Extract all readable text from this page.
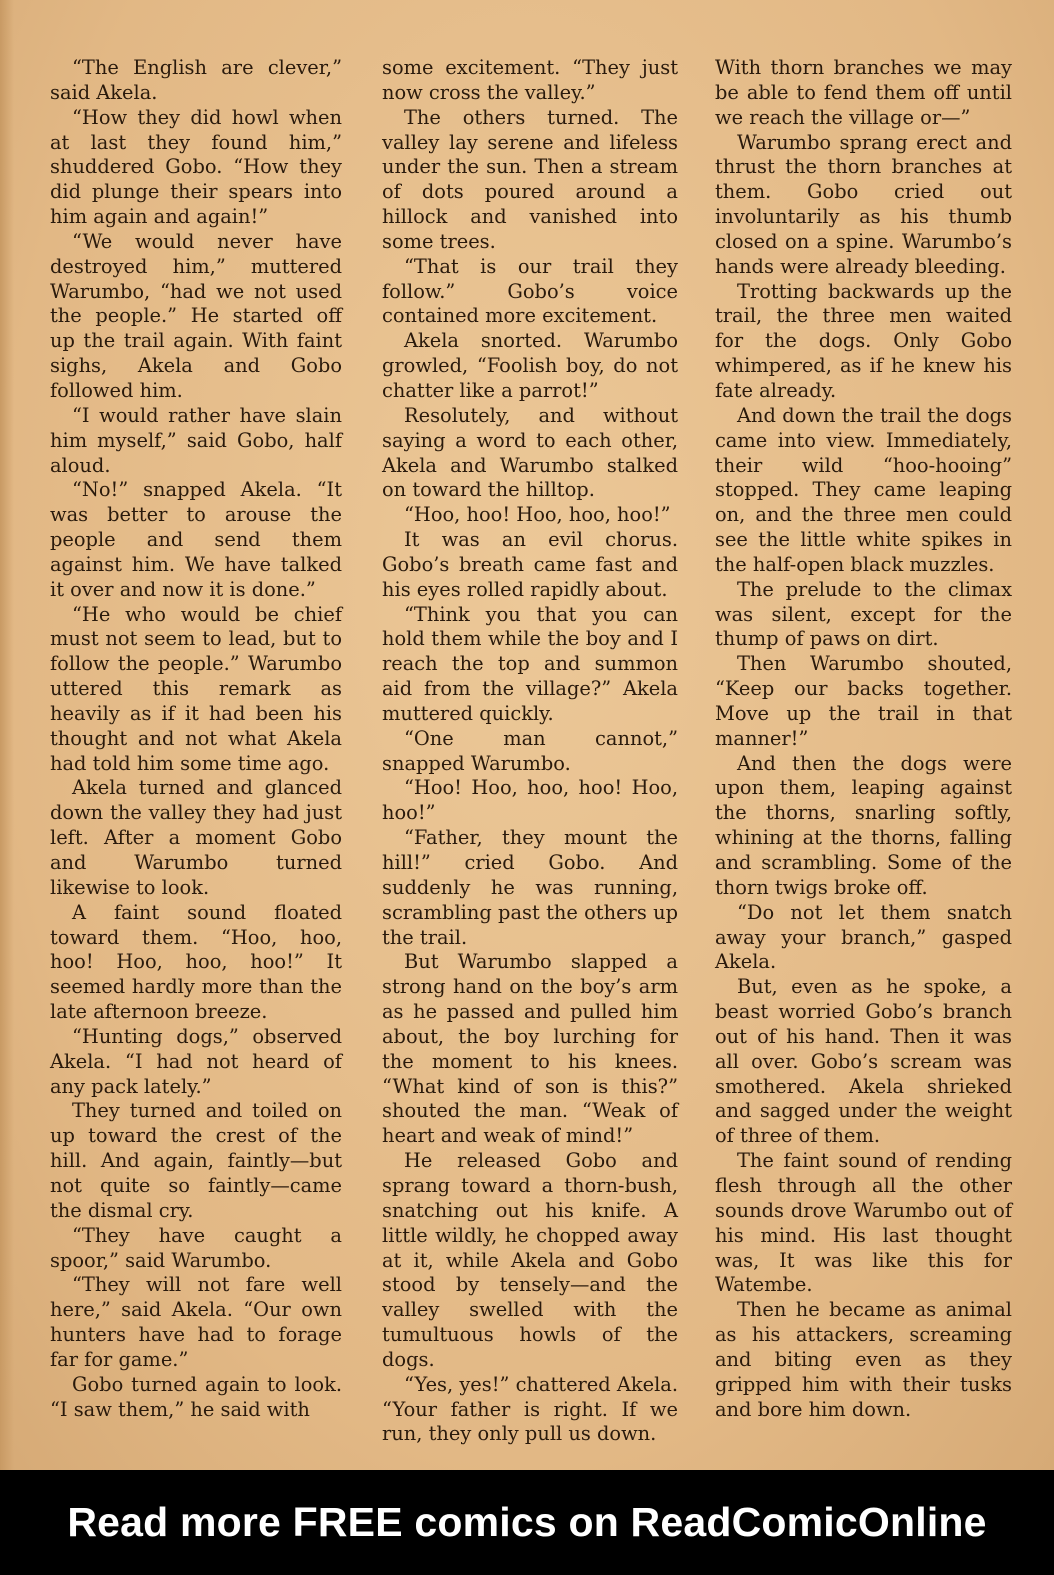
“The English are clever,” said Akela.

“How they did howl when at last they found him,” shuddered Gobo. “How they did plunge their spears into him again and again!”

“We would never have destroyed him,” muttered Warumbo, “had we not used the people.” He started off up the trail again. With faint sighs, Akela and Gobo followed him.

“I would rather have slain him myself,” said Gobo, half aloud.

“No!” snapped Akela. “It was better to arouse the people and send them against him. We have talked it over and now it is done.”

“He who would be chief must not seem to lead, but to follow the people.” Warumbo uttered this remark as heavily as if it had been his thought and not what Akela had told him some time ago.

Akela turned and glanced down the valley they had just left. After a moment Gobo and Warumbo turned likewise to look.

A faint sound floated toward them. “Hoo, hoo, hoo! Hoo, hoo, hoo!” It seemed hardly more than the late afternoon breeze.

“Hunting dogs,” observed Akela. “I had not heard of any pack lately.”

They turned and toiled on up toward the crest of the hill. And again, faintly—but not quite so faintly—came the dismal cry.

“They have caught a spoor,” said Warumbo.

“They will not fare well here,” said Akela. “Our own hunters have had to forage far for game.”

Gobo turned again to look. “I saw them,” he said with

some excitement. “They just now cross the valley.”

The others turned. The valley lay serene and lifeless under the sun. Then a stream of dots poured around a hillock and vanished into some trees.

“That is our trail they follow.” Gobo’s voice contained more excitement.

Akela snorted. Warumbo growled, “Foolish boy, do not chatter like a parrot!”

Resolutely, and without saying a word to each other, Akela and Warumbo stalked on toward the hilltop.

“Hoo, hoo! Hoo, hoo, hoo!”

It was an evil chorus. Gobo’s breath came fast and his eyes rolled rapidly about.

“Think you that you can hold them while the boy and I reach the top and summon aid from the village?” Akela muttered quickly.

“One man cannot,” snapped Warumbo.

“Hoo! Hoo, hoo, hoo! Hoo, hoo!”

“Father, they mount the hill!” cried Gobo. And suddenly he was running, scrambling past the others up the trail.

But Warumbo slapped a strong hand on the boy’s arm as he passed and pulled him about, the boy lurching for the moment to his knees. “What kind of son is this?” shouted the man. “Weak of heart and weak of mind!”

He released Gobo and sprang toward a thorn-bush, snatching out his knife. A little wildly, he chopped away at it, while Akela and Gobo stood by tensely—and the valley swelled with the tumultuous howls of the dogs.

“Yes, yes!” chattered Akela. “Your father is right. If we run, they only pull us down.

With thorn branches we may be able to fend them off until we reach the village or—”

Warumbo sprang erect and thrust the thorn branches at them. Gobo cried out involuntarily as his thumb closed on a spine. Warumbo’s hands were already bleeding.

Trotting backwards up the trail, the three men waited for the dogs. Only Gobo whimpered, as if he knew his fate already.

And down the trail the dogs came into view. Immediately, their wild “hoo-hooing” stopped. They came leaping on, and the three men could see the little white spikes in the half-open black muzzles.

The prelude to the climax was silent, except for the thump of paws on dirt.

Then Warumbo shouted, “Keep our backs together. Move up the trail in that manner!”

And then the dogs were upon them, leaping against the thorns, snarling softly, whining at the thorns, falling and scrambling. Some of the thorn twigs broke off.

“Do not let them snatch away your branch,” gasped Akela.

But, even as he spoke, a beast worried Gobo’s branch out of his hand. Then it was all over. Gobo’s scream was smothered. Akela shrieked and sagged under the weight of three of them.

The faint sound of rending flesh through all the other sounds drove Warumbo out of his mind. His last thought was, It was like this for Watembe.

Then he became as animal as his attackers, screaming and biting even as they gripped him with their tusks and bore him down.

Read more FREE comics on ReadComicOnline
